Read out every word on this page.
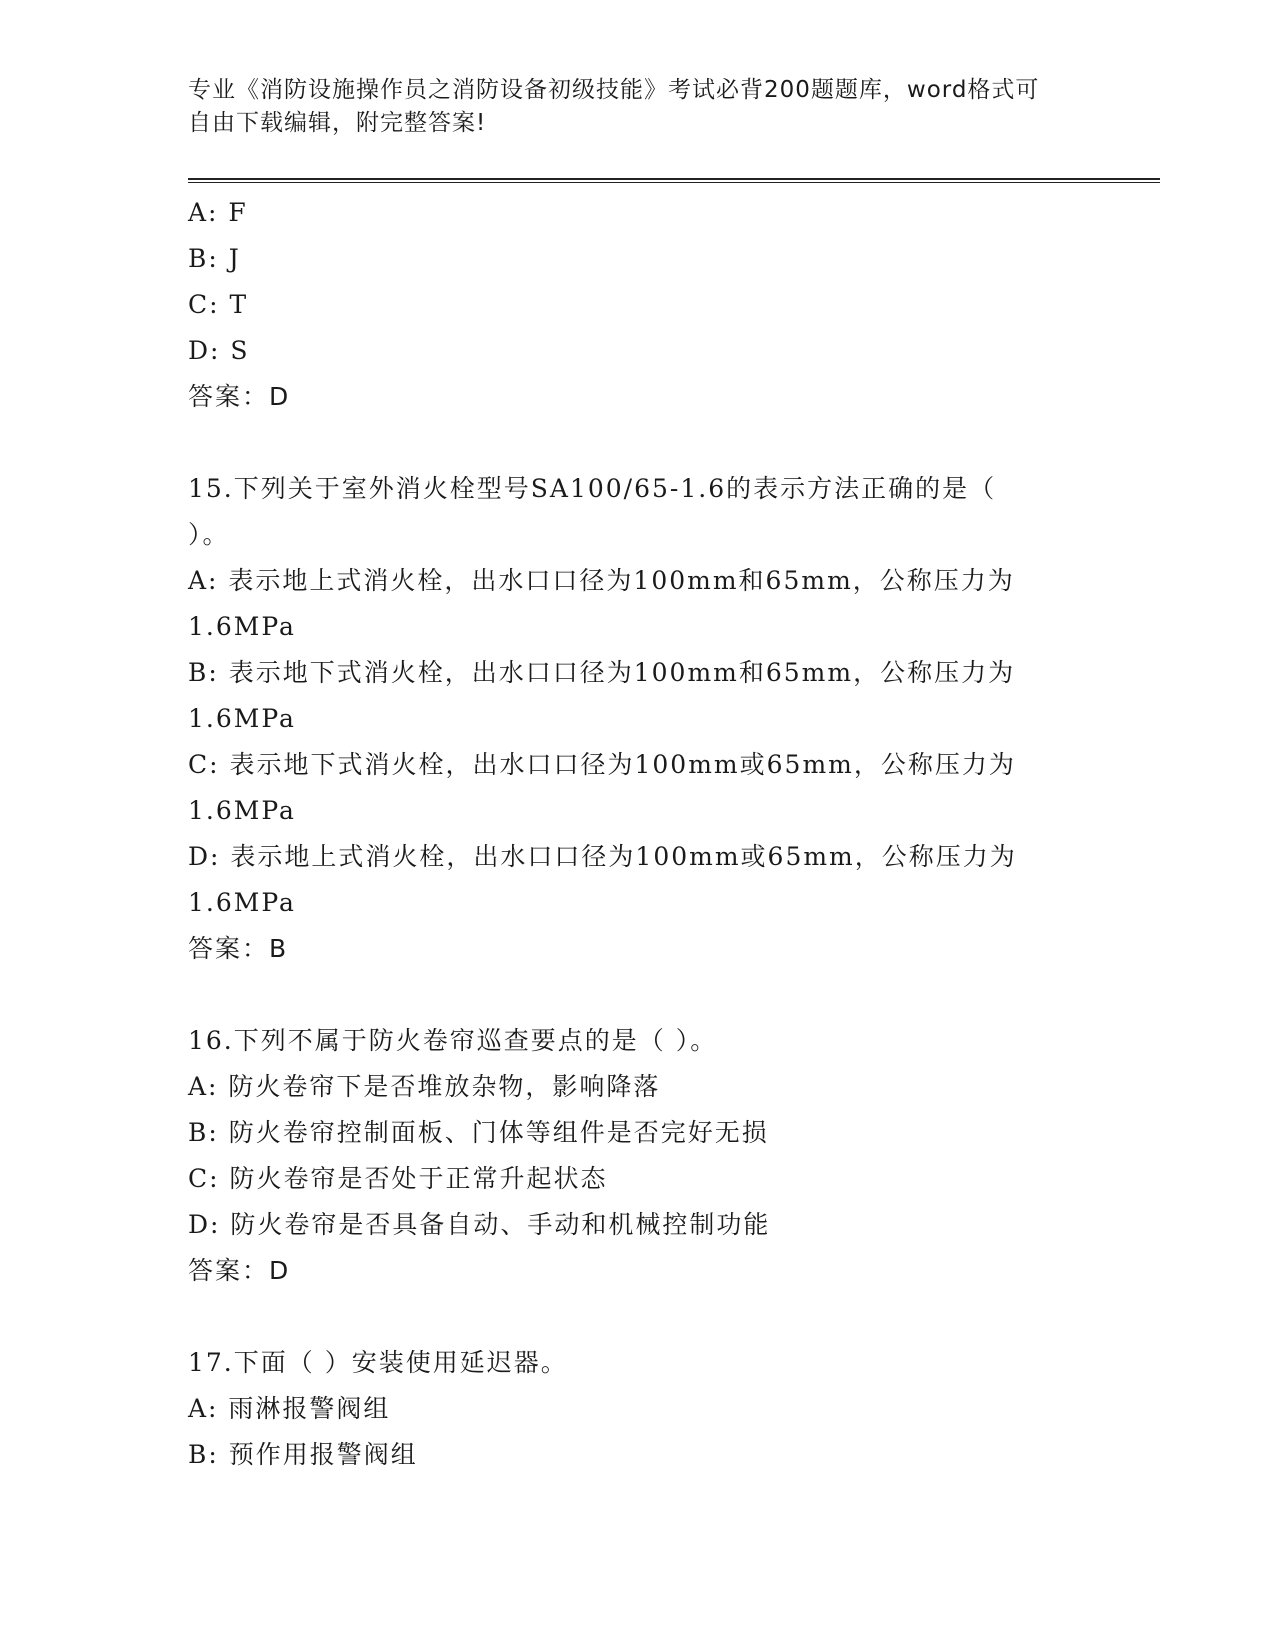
专业《消防设施操作员之消防设备初级技能》考试必背200题题库，word格式可
自由下载编辑，附完整答案!
A: F
B: J
C: T
D: S
答案：D
15.下列关于室外消火栓型号SA100/65-1.6的表示方法正确的是（
）。
A: 表示地上式消火栓，出水口口径为100mm和65mm，公称压力为
1.6MPa
B: 表示地下式消火栓，出水口口径为100mm和65mm，公称压力为
1.6MPa
C: 表示地下式消火栓，出水口口径为100mm或65mm，公称压力为
1.6MPa
D: 表示地上式消火栓，出水口口径为100mm或65mm，公称压力为
1.6MPa
答案：B
16.下列不属于防火卷帘巡查要点的是（ ）。
A: 防火卷帘下是否堆放杂物，影响降落
B: 防火卷帘控制面板、门体等组件是否完好无损
C: 防火卷帘是否处于正常升起状态
D: 防火卷帘是否具备自动、手动和机械控制功能
答案：D
17.下面（ ）安装使用延迟器。
A: 雨淋报警阀组
B: 预作用报警阀组
